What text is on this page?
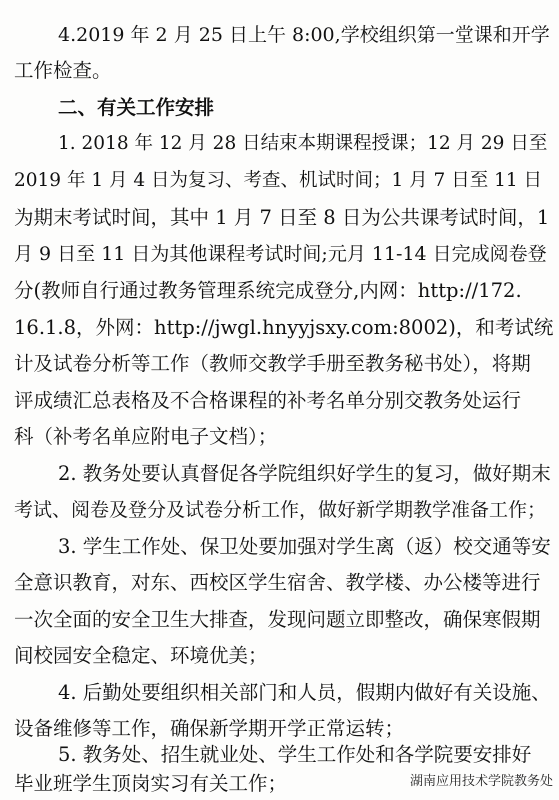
4.2019 年 2 月 25 日上午 8:00,学校组织第一堂课和开学
工作检查。
二、有关工作安排
1. 2018 年 12 月 28 日结束本期课程授课；12 月 29 日至
2019 年 1 月 4 日为复习、考查、机试时间；1 月 7 日至 11 日
为期末考试时间，其中 1 月 7 日至 8 日为公共课考试时间，1
月 9 日至 11 日为其他课程考试时间;元月 11-14 日完成阅卷登
分(教师自行通过教务管理系统完成登分,内网：http://172.
16.1.8，外网：http://jwgl.hnyyjsxy.com:8002)，和考试统
计及试卷分析等工作（教师交教学手册至教务秘书处），将期
评成绩汇总表格及不合格课程的补考名单分别交教务处运行
科（补考名单应附电子文档）；
2. 教务处要认真督促各学院组织好学生的复习，做好期末
考试、阅卷及登分及试卷分析工作，做好新学期教学准备工作；
3. 学生工作处、保卫处要加强对学生离（返）校交通等安
全意识教育，对东、西校区学生宿舍、教学楼、办公楼等进行
一次全面的安全卫生大排查，发现问题立即整改，确保寒假期
间校园安全稳定、环境优美；
4. 后勤处要组织相关部门和人员，假期内做好有关设施、
设备维修等工作，确保新学期开学正常运转；
5. 教务处、招生就业处、学生工作处和各学院要安排好
毕业班学生顶岗实习有关工作；	湖南应用技术学院教务处
